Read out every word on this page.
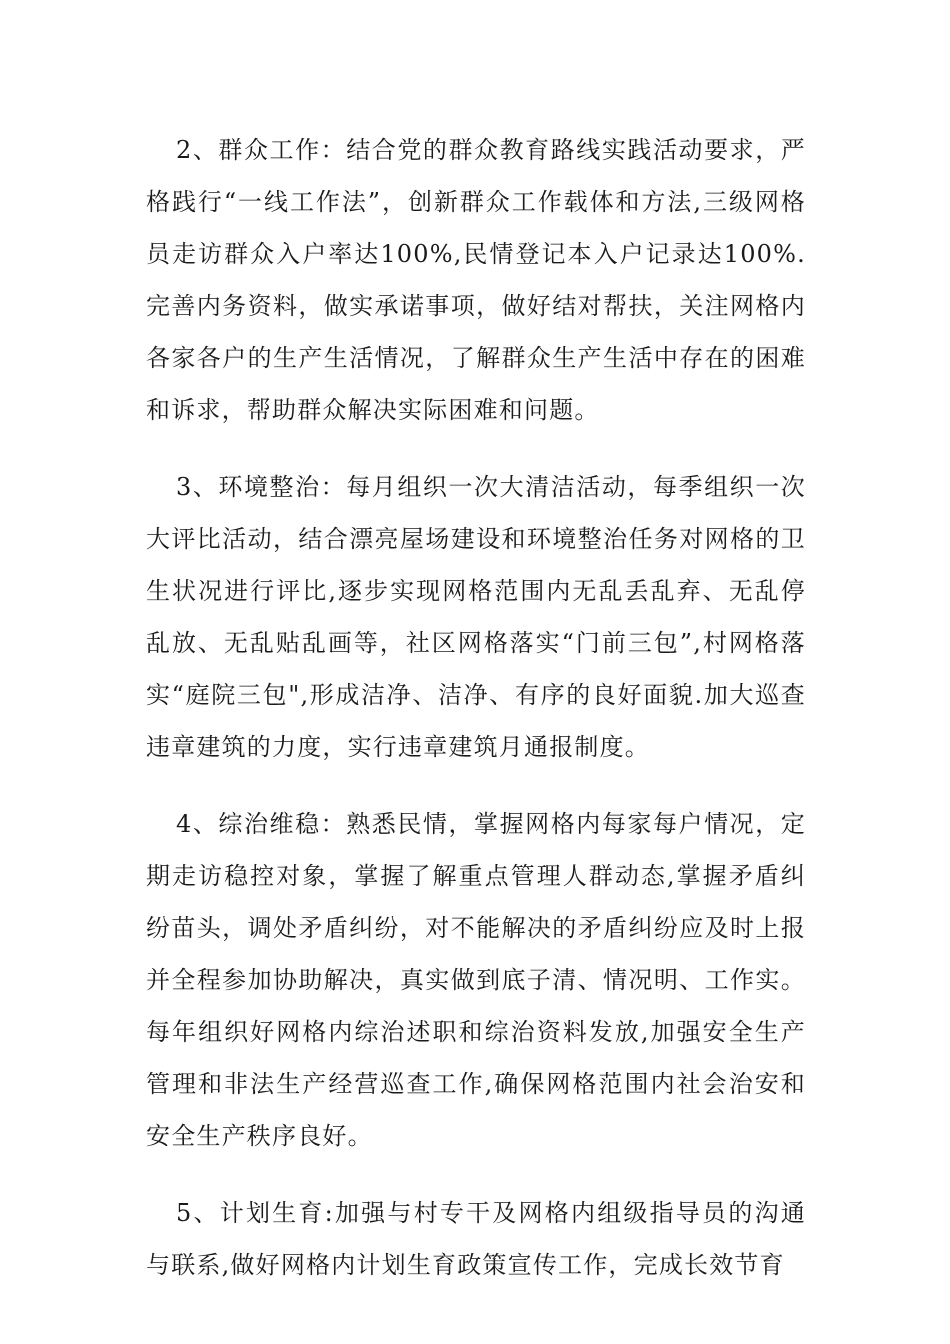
2、群众工作：结合党的群众教育路线实践活动要求，严格践行“一线工作法”，创新群众工作载体和方法,三级网格员走访群众入户率达100%,民情登记本入户记录达100%.完善内务资料，做实承诺事项，做好结对帮扶，关注网格内各家各户的生产生活情况，了解群众生产生活中存在的困难和诉求，帮助群众解决实际困难和问题。

3、环境整治：每月组织一次大清洁活动，每季组织一次大评比活动，结合漂亮屋场建设和环境整治任务对网格的卫生状况进行评比,逐步实现网格范围内无乱丢乱弃、无乱停乱放、无乱贴乱画等，社区网格落实“门前三包”,村网格落实“庭院三包",形成洁净、洁净、有序的良好面貌.加大巡查违章建筑的力度，实行违章建筑月通报制度。

4、综治维稳：熟悉民情，掌握网格内每家每户情况，定期走访稳控对象，掌握了解重点管理人群动态,掌握矛盾纠纷苗头，调处矛盾纠纷，对不能解决的矛盾纠纷应及时上报并全程参加协助解决，真实做到底子清、情况明、工作实。每年组织好网格内综治述职和综治资料发放,加强安全生产管理和非法生产经营巡查工作,确保网格范围内社会治安和安全生产秩序良好。

5、计划生育:加强与村专干及网格内组级指导员的沟通与联系,做好网格内计划生育政策宣传工作，完成长效节育
